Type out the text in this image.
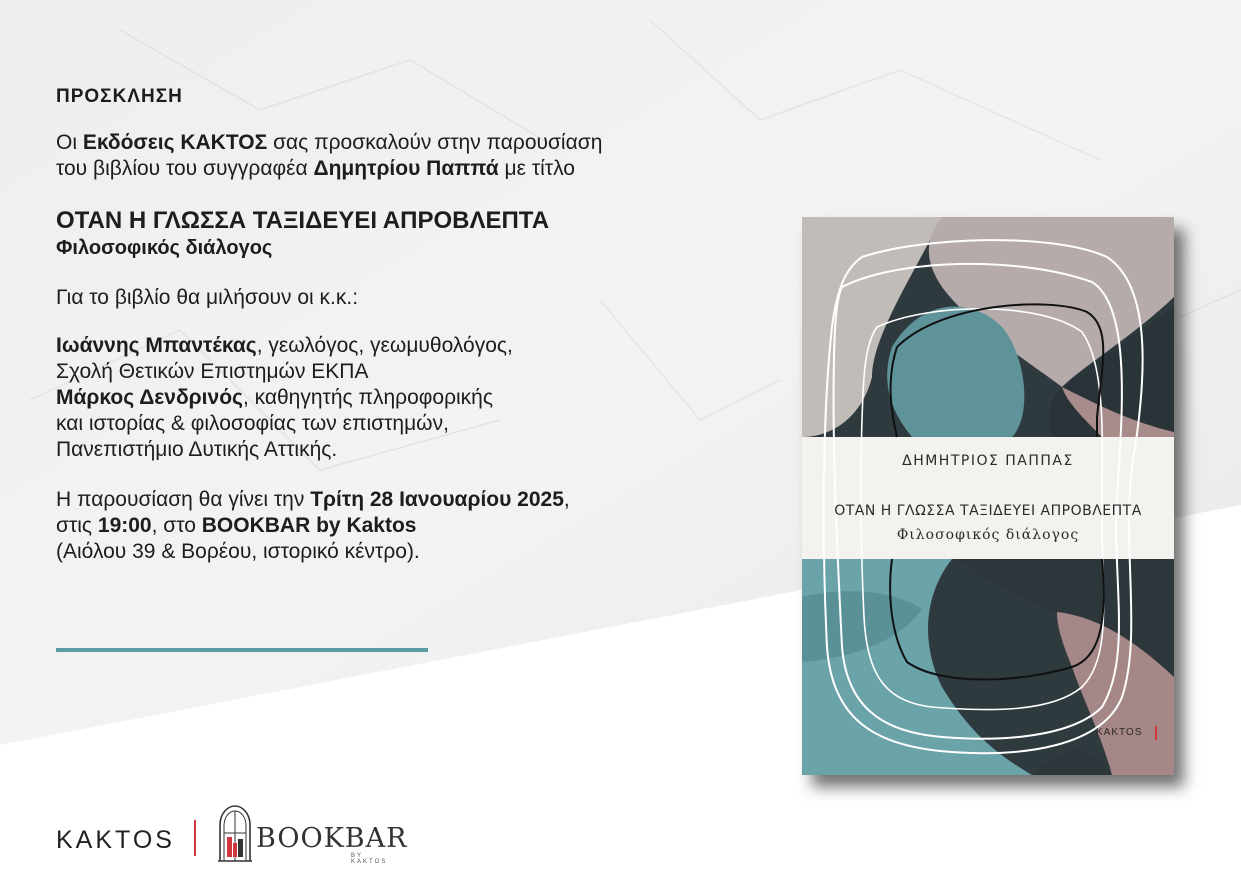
ΠΡΟΣΚΛΗΣΗ
Οι Εκδόσεις ΚΑΚΤΟΣ σας προσκαλούν στην παρουσίαση
του βιβλίου του συγγραφέα Δημητρίου Παππά με τίτλο
ΟΤΑΝ Η ΓΛΩΣΣΑ ΤΑΞΙΔΕΥΕΙ ΑΠΡΟΒΛΕΠΤΑ
Φιλοσοφικός διάλογος
Για το βιβλίο θα μιλήσουν οι κ.κ.:
Ιωάννης Μπαντέκας, γεωλόγος, γεωμυθολόγος,
Σχολή Θετικών Επιστημών ΕΚΠΑ
Μάρκος Δενδρινός, καθηγητής πληροφορικής
και ιστορίας & φιλοσοφίας των επιστημών,
Πανεπιστήμιο Δυτικής Αττικής.
Η παρουσίαση θα γίνει την Τρίτη 28 Ιανουαρίου 2025,
στις 19:00, στο BOOKBAR by Kaktos
(Αιόλου 39 & Βορέου, ιστορικό κέντρο).
ΔΗΜΗΤΡΙΟΣ ΠΑΠΠΑΣ
ΟΤΑΝ Η ΓΛΩΣΣΑ ΤΑΞΙΔΕΥΕΙ ΑΠΡΟΒΛΕΠΤΑ
Φιλοσοφικός διάλογος
KAKTOS
KAKTOS	BOOKBAR
BY KAKTOS
